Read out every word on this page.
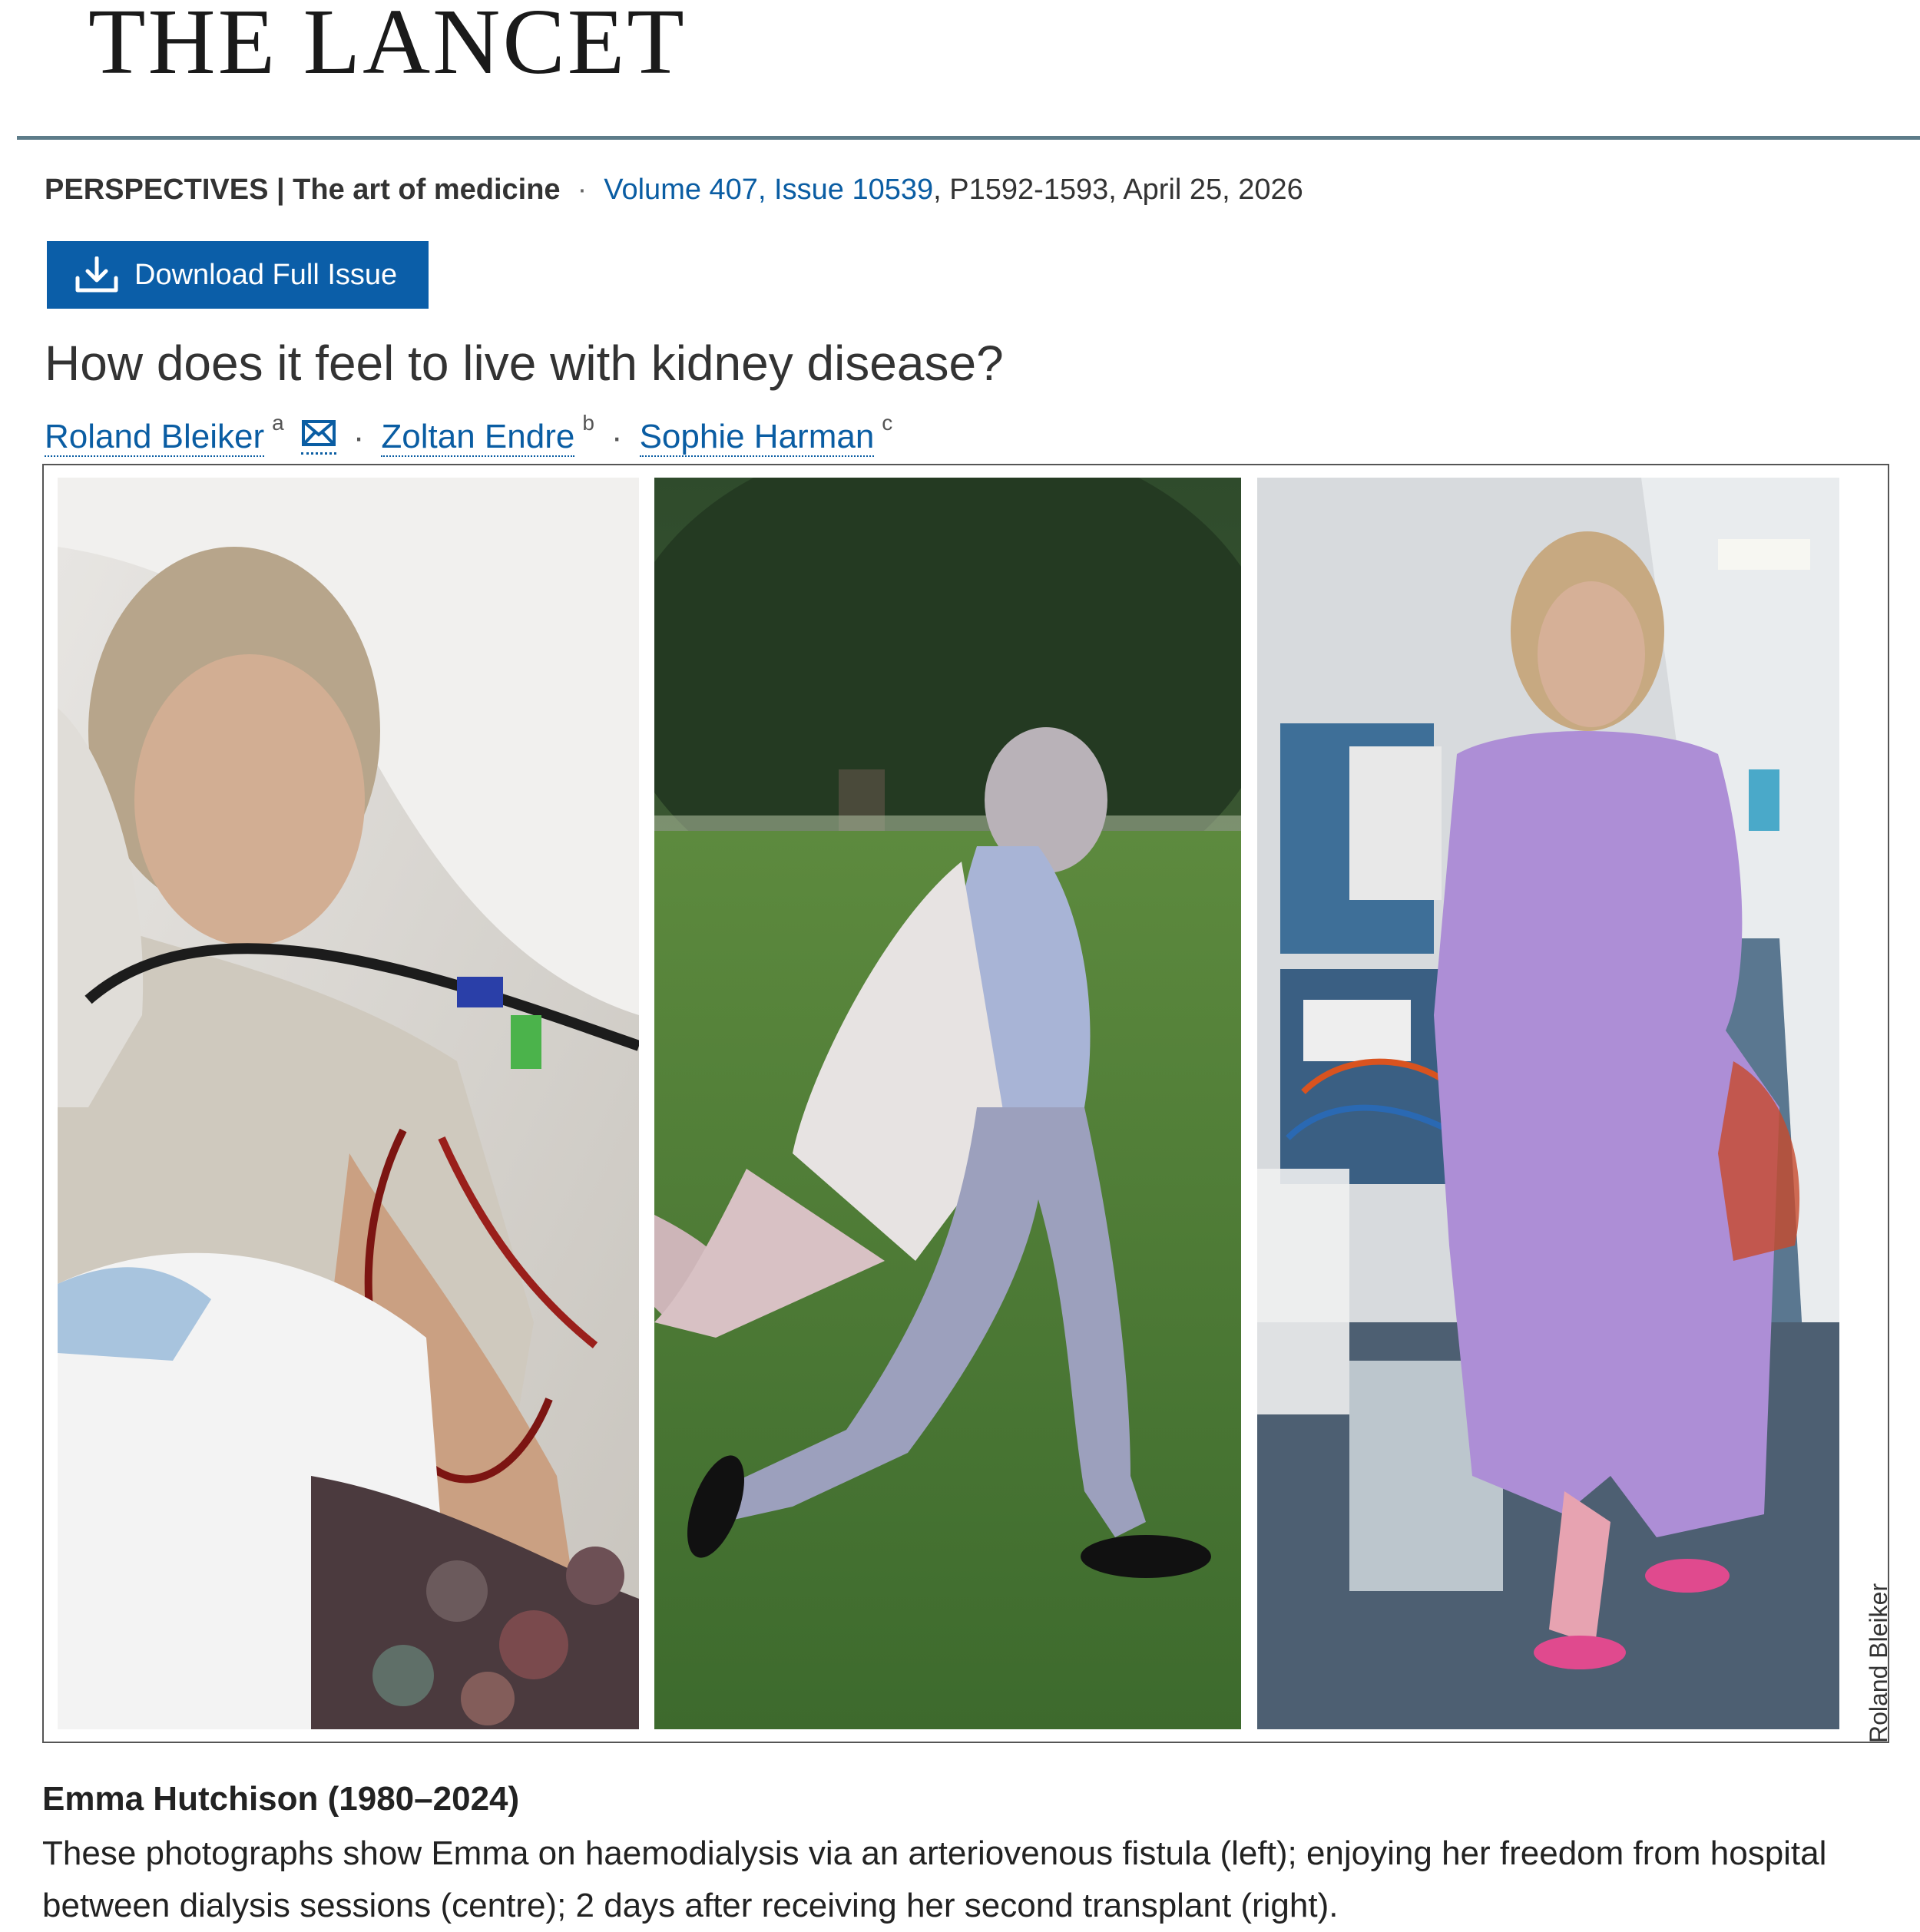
THE LANCET
PERSPECTIVES | The art of medicine · Volume 407, Issue 10539, P1592-1593, April 25, 2026
Download Full Issue
How does it feel to live with kidney disease?
Roland Bleiker $^a$ · Zoltan Endre $^b$ · Sophie Harman $^c$
Roland Bleiker
Emma Hutchison (1980–2024)
These photographs show Emma on haemodialysis via an arteriovenous fistula (left); enjoying her freedom from hospital between dialysis sessions (centre); 2 days after receiving her second transplant (right).
